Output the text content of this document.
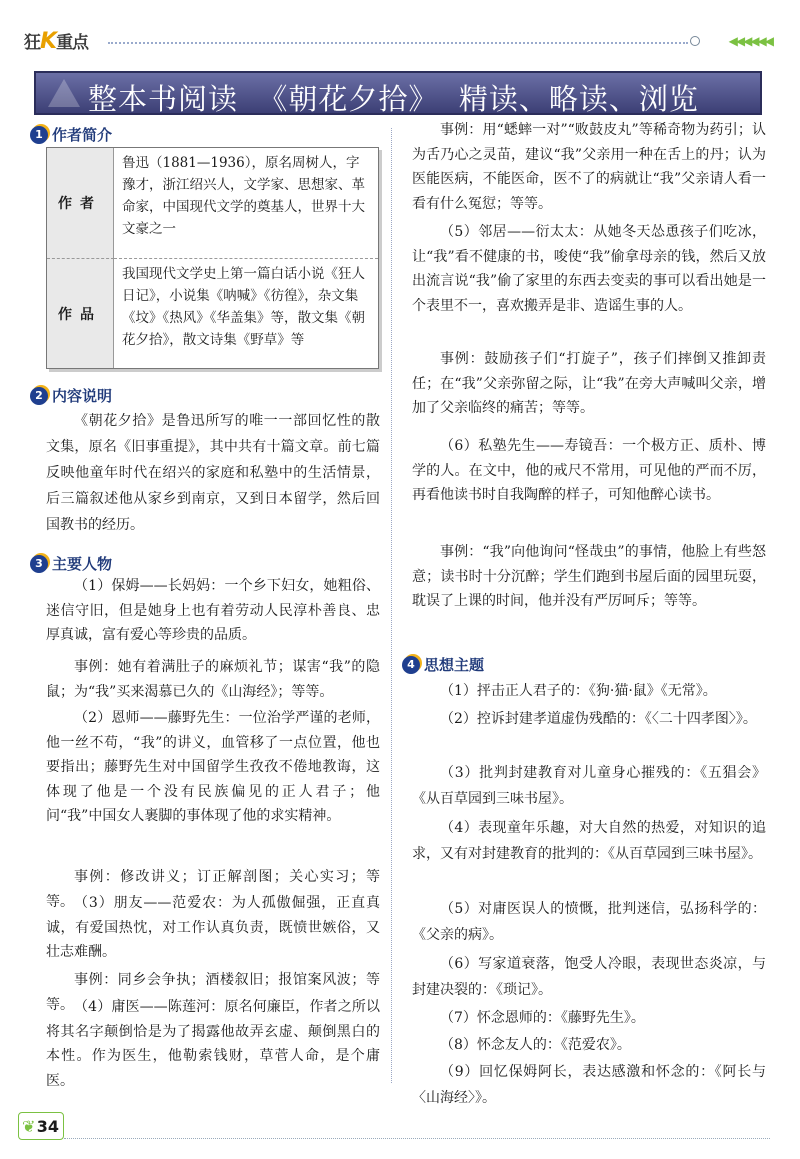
狂K重点	◀◀◀◀◀◀
整本书阅读  《朝花夕拾》  精读、略读、浏览
1 作者简介
作者
鲁迅（1881—1936），原名周树人，字豫才，浙江绍兴人，文学家、思想家、革命家，中国现代文学的奠基人，世界十大文豪之一
作品
我国现代文学史上第一篇白话小说《狂人日记》，小说集《呐喊》《彷徨》，杂文集《坟》《热风》《华盖集》等，散文集《朝花夕拾》，散文诗集《野草》等
2 内容说明
《朝花夕拾》是鲁迅所写的唯一一部回忆性的散文集，原名《旧事重提》，其中共有十篇文章。前七篇反映他童年时代在绍兴的家庭和私塾中的生活情景，后三篇叙述他从家乡到南京，又到日本留学，然后回国教书的经历。
3 主要人物
（1）保姆——长妈妈：一个乡下妇女，她粗俗、迷信守旧，但是她身上也有着劳动人民淳朴善良、忠厚真诚，富有爱心等珍贵的品质。
事例：她有着满肚子的麻烦礼节；谋害“我”的隐鼠；为“我”买来渴慕已久的《山海经》；等等。
（2）恩师——藤野先生：一位治学严谨的老师，他一丝不苟，“我”的讲义，血管移了一点位置，他也要指出；藤野先生对中国留学生孜孜不倦地教诲，这体现了他是一个没有民族偏见的正人君子；他问“我”中国女人裹脚的事体现了他的求实精神。
事例：修改讲义；订正解剖图；关心实习；等等。 （3）朋友——范爱农：为人孤傲倔强，正直真诚，有爱国热忱，对工作认真负责，既愤世嫉俗，又壮志难酬。
事例：同乡会争执；酒楼叙旧；报馆案风波；等等。 （4）庸医——陈莲河：原名何廉臣，作者之所以将其名字颠倒恰是为了揭露他故弄玄虚、颠倒黑白的本性。作为医生，他勒索钱财，草菅人命，是个庸医。
事例：用“蟋蟀一对”“败鼓皮丸”等稀奇物为药引；认为舌乃心之灵苗，建议“我”父亲用一种在舌上的丹；认为医能医病，不能医命，医不了的病就让“我”父亲请人看一看有什么冤愆；等等。
（5）邻居——衍太太：从她冬天怂恿孩子们吃冰，让“我”看不健康的书，唆使“我”偷拿母亲的钱，然后又放出流言说“我”偷了家里的东西去变卖的事可以看出她是一个表里不一，喜欢搬弄是非、造谣生事的人。
事例：鼓励孩子们“打旋子”，孩子们摔倒又推卸责任；在“我”父亲弥留之际，让“我”在旁大声喊叫父亲，增加了父亲临终的痛苦；等等。
（6）私塾先生——寿镜吾：一个极方正、质朴、博学的人。在文中，他的戒尺不常用，可见他的严而不厉，再看他读书时自我陶醉的样子，可知他醉心读书。
事例：“我”向他询问“怪哉虫”的事情，他脸上有些怒意；读书时十分沉醉；学生们跑到书屋后面的园里玩耍，耽误了上课的时间，他并没有严厉呵斥；等等。
4 思想主题
（1）抨击正人君子的：《狗·猫·鼠》《无常》。
（2）控诉封建孝道虚伪残酷的：《〈二十四孝图〉》。
（3）批判封建教育对儿童身心摧残的：《五猖会》《从百草园到三味书屋》。
（4）表现童年乐趣，对大自然的热爱，对知识的追求，又有对封建教育的批判的：《从百草园到三味书屋》。
（5）对庸医误人的愤慨，批判迷信，弘扬科学的：《父亲的病》。
（6）写家道衰落，饱受人冷眼，表现世态炎凉，与封建决裂的：《琐记》。
（7）怀念恩师的：《藤野先生》。
（8）怀念友人的：《范爱农》。
（9）回忆保姆阿长，表达感激和怀念的：《阿长与〈山海经〉》。
❦ 34
